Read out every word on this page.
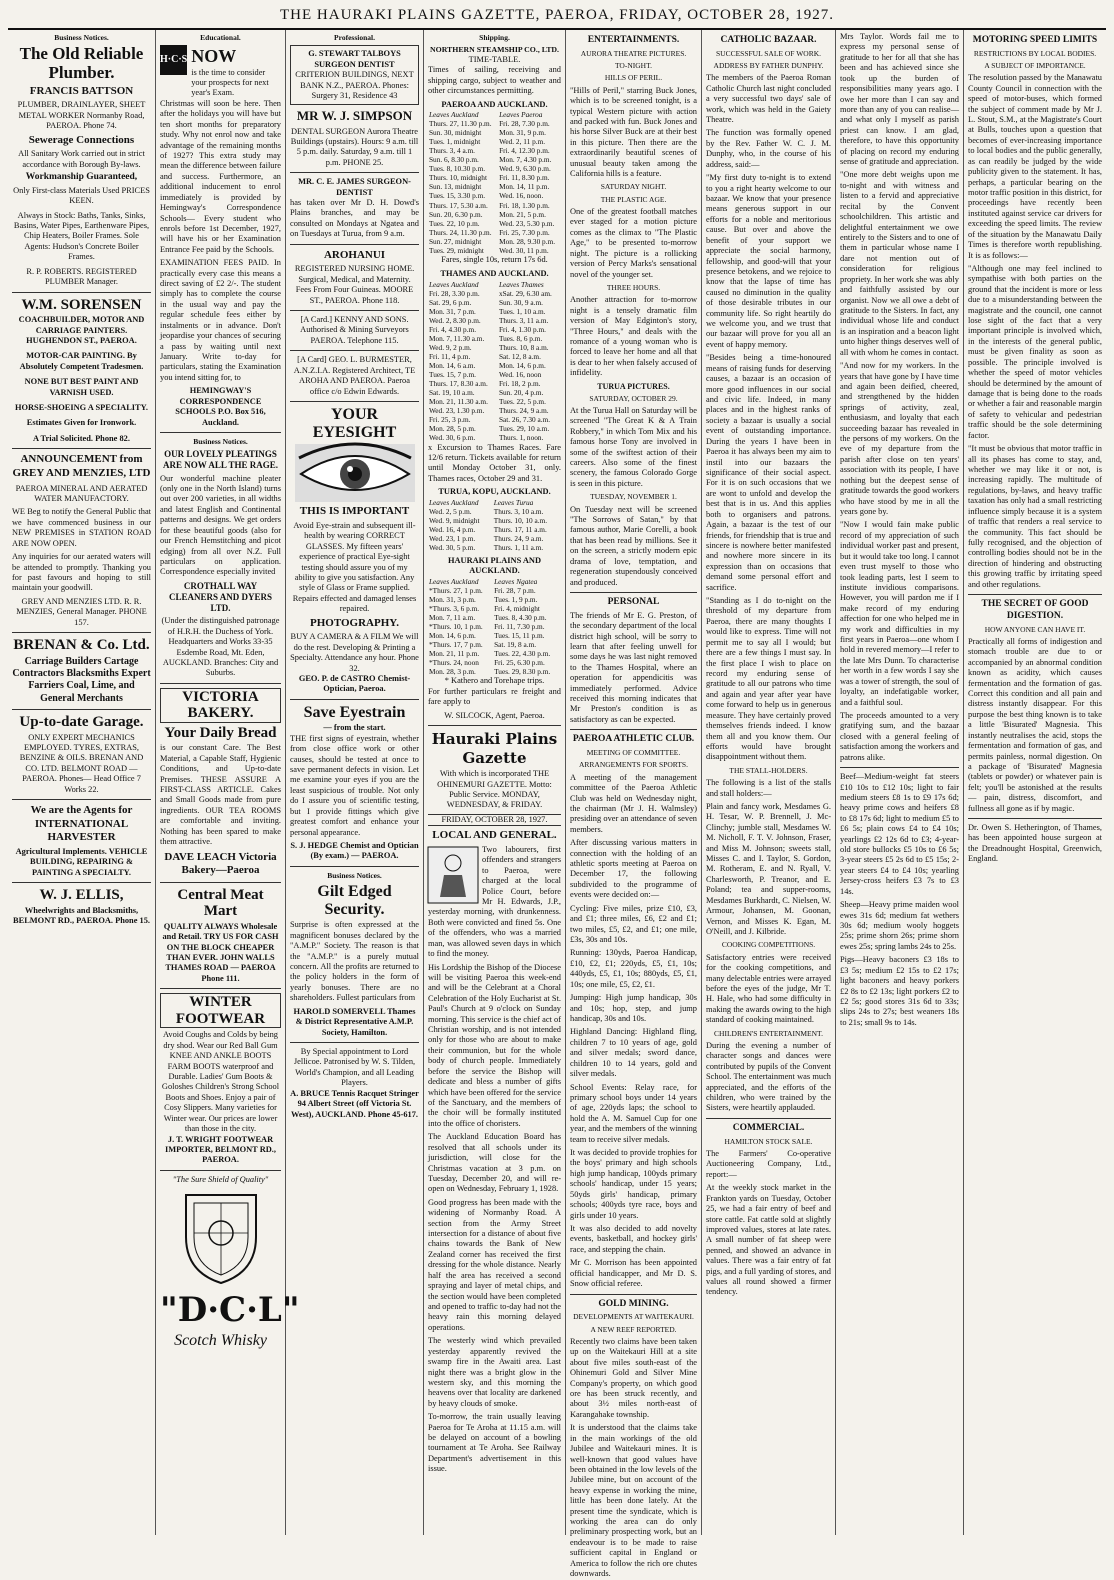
THE HAURAKI PLAINS GAZETTE, PAEROA, FRIDAY, OCTOBER 28, 1927.
Business Notices.
The Old Reliable Plumber.
FRANCIS BATTSON
PLUMBER, DRAINLAYER, SHEET METAL WORKER Normanby Road, PAEROA. Phone 74.
Sewerage Connections
All Sanitary Work carried out in strict accordance with Borough By-laws.
Workmanship Guaranteed,
Only First-class Materials Used PRICES KEEN.
Always in Stock: Baths, Tanks, Sinks, Basins, Water Pipes, Earthenware Pipes, Chip Heaters, Boiler Frames. Sole Agents: Hudson's Concrete Boiler Frames.
R. P. ROBERTS. REGISTERED PLUMBER Manager.
W.M. SORENSEN
COACHBUILDER, MOTOR AND CARRIAGE PAINTERS. HUGHENDON ST., PAEROA.
MOTOR-CAR PAINTING. By Absolutely Competent Tradesmen.
NONE BUT BEST PAINT AND VARNISH USED.
HORSE-SHOEING A SPECIALITY.
Estimates Given for Ironwork.
A Trial Solicited. Phone 82.
ANNOUNCEMENT from GREY AND MENZIES, LTD
PAEROA MINERAL AND AERATED WATER MANUFACTORY.

WE Beg to notify the General Public that we have commenced business in our NEW PREMISES in STATION ROAD ARE NOW OPEN.

Any inquiries for our aerated waters will be attended to promptly. Thanking you for past favours and hoping to still maintain your goodwill.

GREY AND MENZIES LTD. R. R. MENZIES, General Manager. PHONE 157.
BRENAN & Co. Ltd.
Carriage Builders Cartage Contractors Blacksmiths Expert Farriers Coal, Lime, and General Merchants
Up-to-date Garage.
ONLY EXPERT MECHANICS EMPLOYED. TYRES, EXTRAS, BENZINE & OILS. BRENAN AND CO. LTD. BELMONT ROAD — PAEROA. Phones— Head Office 7 Works 22.
We are the Agents for INTERNATIONAL HARVESTER
Agricultural Implements. VEHICLE BUILDING, REPAIRING & PAINTING A SPECIALTY.
W. J. ELLIS,
Wheelwrights and Blacksmiths, BELMONT RD., PAEROA. Phone 15.
Educational.
H·C·S NOW
is the time to consider your prospects for next year's Exam.

Christmas will soon be here. Then after the holidays you will have but ten short months for preparatory study. Why not enrol now and take advantage of the remaining months of 1927? This extra study may mean the difference between failure and success. Furthermore, an additional inducement to enrol immediately is provided by Hemingway's Correspondence Schools— Every student who enrols before 1st December, 1927, will have his or her Examination Entrance Fee paid by the Schools.

EXAMINATION FEES PAID. In practically every case this means a direct saving of £2 2/-. The student simply has to complete the course in the usual way and pay the regular schedule fees either by instalments or in advance. Don't jeopardise your chances of securing a pass by waiting until next January. Write to-day for particulars, stating the Examination you intend sitting for, to

HEMINGWAY'S CORRESPONDENCE SCHOOLS P.O. Box 516, Auckland.
Business Notices.
OUR LOVELY PLEATINGS ARE NOW ALL THE RAGE.

Our wonderful machine pleater (only one in the North Island) turns out over 200 varieties, in all widths and latest English and Continental patterns and designs. We get orders for these beautiful goods (also for our French Hemstitching and picot edging) from all over N.Z. Full particulars on application. Correspondence especially invited

CROTHALL WAY CLEANERS AND DYERS LTD.
(Under the distinguished patronage of H.R.H. the Duchess of York. Headquarters and Works 33-35 Esdembe Road, Mt. Eden, AUCKLAND. Branches: City and Suburbs.
VICTORIA BAKERY.
Your Daily Bread

is our constant Care. The Best Material, a Capable Staff, Hygienic Conditions, and Up-to-date Premises. THESE ASSURE A FIRST-CLASS ARTICLE. Cakes and Small Goods made from pure ingredients. OUR TEA ROOMS are comfortable and inviting. Nothing has been spared to make them attractive.

DAVE LEACH Victoria Bakery—Paeroa
Central Meat Mart
QUALITY ALWAYS Wholesale and Retail. TRY US FOR CASH ON THE BLOCK CHEAPER THAN EVER. JOHN WALLS THAMES ROAD — PAEROA Phone 111.
WINTER FOOTWEAR
Avoid Coughs and Colds by being dry shod. Wear our Red Ball Gum KNEE AND ANKLE BOOTS FARM BOOTS waterproof and Durable. Ladies' Gum Boots & Goloshes Children's Strong School Boots and Shoes. Enjoy a pair of Cosy Slippers. Many varieties for Winter wear. Our prices are lower than those in the city.
J. T. WRIGHT FOOTWEAR IMPORTER, BELMONT RD., PAEROA.
"The Sure Shield of Quality"
"D·C·L"
Scotch Whisky
Professional.
G. STEWART TALBOYS SURGEON DENTIST
CRITERION BUILDINGS, NEXT BANK N.Z., PAEROA. Phones: Surgery 31, Residence 43
MR W. J. SIMPSON
DENTAL SURGEON Aurora Theatre Buildings (upstairs). Hours: 9 a.m. till 5 p.m. daily. Saturday, 9 a.m. till 1 p.m. PHONE 25.
MR. C. E. JAMES SURGEON-DENTIST

has taken over Mr D. H. Dowd's Plains branches, and may be consulted on Mondays at Ngatea and on Tuesdays at Turua, from 9 a.m.

AROHANUI
REGISTERED NURSING HOME. Surgical, Medical, and Maternity. Fees From Four Guineas. MOORE ST., PAEROA. Phone 118.
[A Card.] KENNY AND SONS. Authorised & Mining Surveyors PAEROA. Telephone 115.
[A Card] GEO. L. BURMESTER, A.N.Z.I.A. Registered Architect, TE AROHA AND PAEROA. Paeroa office c/o Edwin Edwards.
YOUR EYESIGHT
THIS IS IMPORTANT
Avoid Eye-strain and subsequent ill-health by wearing CORRECT GLASSES. My fifteen years' experience of practical Eye-sight testing should assure you of my ability to give you satisfaction. Any style of Glass or Frame supplied. Repairs effected and damaged lenses repaired.
PHOTOGRAPHY.
BUY A CAMERA & A FILM We will do the rest. Developing & Printing a Specialty. Attendance any hour. Phone 32.
GEO. P. de CASTRO Chemist-Optician, Paeroa.
Save Eyestrain
— from the start.

THE first signs of eyestrain, whether from close office work or other causes, should be tested at once to save permanent defects in vision. Let me examine your eyes if you are the least suspicious of trouble. Not only do I assure you of scientific testing, but I provide fittings which give greatest comfort and enhance your personal appearance.

S. J. HEDGE Chemist and Optician (By exam.) — PAEROA.
Business Notices.
Gilt Edged Security.

Surprise is often expressed at the magnificent bonuses declared by the "A.M.P." Society. The reason is that the "A.M.P." is a purely mutual concern. All the profits are returned to the policy holders in the form of yearly bonuses. There are no shareholders. Fullest particulars from

HAROLD SOMERVELL Thames & District Representative A.M.P. Society, Hamilton.
By Special appointment to Lord Jellicoe. Patronised by W. S. Tilden, World's Champion, and all Leading Players.
A. BRUCE Tennis Racquet Stringer 94 Albert Street (off Victoria St. West), AUCKLAND. Phone 45-617.
Shipping.
NORTHERN STEAMSHIP CO., LTD.
TIME-TABLE.

Times of sailing, receiving and shipping cargo, subject to weather and other circumstances permitting.

PAEROA AND AUCKLAND.
Leaves Auckland	Leaves Paeroa
Thurs. 27, 11.30 p.m.	Fri. 28, 7.30 p.m.
Sun. 30, midnight	Mon. 31, 9 p.m.
Tues. 1, midnight	Wed. 2, 11 p.m.
Thurs. 3, 4 a.m.	Fri. 4, 12.30 p.m.
Sun. 6, 8.30 p.m.	Mon. 7, 4.30 p.m.
Tues. 8, 10.30 p.m.	Wed. 9, 6.30 p.m.
Thurs. 10, midnight	Fri. 11, 8.30 p.m.
Sun. 13, midnight	Mon. 14, 11 p.m.
Tues. 15, 3.30 p.m.	Wed. 16, noon.
Thurs. 17, 5.30 a.m.	Fri. 18, 1.30 p.m.
Sun. 20, 6.30 p.m.	Mon. 21, 5 p.m.
Tues. 22, 10 p.m.	Wed. 23, 5.30 p.m.
Thurs. 24, 11.30 p.m.	Fri. 25, 7.30 p.m.
Sun. 27, midnight	Mon. 28, 9.30 p.m.
Tues. 29, midnight	Wed. 30, 11 p.m.
Fares, single 10s, return 17s 6d.
THAMES AND AUCKLAND.
Leaves Auckland	Leaves Thames
Fri. 28, 3.30 p.m.	xSat. 29, 6.30 am.
Sat. 29, 6 p.m.	Sun. 30, 9 a.m.
Mon. 31, 7 p.m.	Tues. 1, 10 a.m.
Wed. 2, 8.30 p.m.	Thurs. 3, 11 a.m.
Fri. 4, 4.30 p.m.	Fri. 4, 1.30 p.m.
Mon. 7, 11.30 a.m.	Tues. 8, 6 p.m.
Wed. 9, 2 p.m.	Thurs. 10, 8 a.m.
Fri. 11, 4 p.m.	Sat. 12, 8 a.m.
Mon. 14, 6 a.m.	Mon. 14, 6 p.m.
Tues. 15, 7 p.m.	Wed. 16, noon
Thurs. 17, 8.30 a.m.	Fri. 18, 2 p.m.
Sat. 19, 10 a.m.	Sun. 20, 4 p.m.
Mon. 21, 11.30 a.m.	Tues. 22, 5 p.m.
Wed. 23, 1.30 p.m.	Thurs. 24, 9 a.m.
Fri. 25, 3 p.m.	Sat. 26, 7.30 a.m.
Mon. 28, 5 p.m.	Tues. 29, 10 a.m.
Wed. 30, 6 p.m.	Thurs. 1, noon.

x Excursion to Thames Races. Fare 12/6 return. Tickets available for return until Monday October 31, only. Thames races, October 29 and 31.

TURUA, KOPU, AUCKLAND.
Leaves Auckland	Leaves Turua
Wed. 2, 5 p.m.	Thurs. 3, 10 a.m.
Wed. 9, midnight	Thurs. 10, 10 a.m.
Wed. 16, 4 p.m.	Thurs. 17, 11 a.m.
Wed. 23, 1 p.m.	Thurs. 24, 9 a.m.
Wed. 30, 5 p.m.	Thurs. 1, 11 a.m.
HAURAKI PLAINS AND AUCKLAND.
Leaves Auckland	Leaves Ngatea
*Thurs. 27, 1 p.m.	Fri. 28, 7 p.m.
Mon. 31, 3 p.m.	Tues. 1, 9 p.m.
*Thurs. 3, 6 p.m.	Fri. 4, midnight
Mon. 7, 11 a.m.	Tues. 8, 4.30 p.m.
*Thurs. 10, 1 p.m.	Fri. 11, 7.30 p.m.
Mon. 14, 6 p.m.	Tues. 15, 11 p.m.
*Thurs. 17, 7 p.m.	Sat. 19, 8 a.m.
Mon. 21, 11 p.m.	Tues. 22, 4.30 p.m.
*Thurs. 24, noon	Fri. 25, 6.30 p.m.
Mon. 28, 3 p.m.	Tues. 29, 8.30 p.m.
* Kathero and Torehape trips.

For further particulars re freight and fare apply to

W. SILCOCK, Agent, Paeroa.
Hauraki Plains Gazette
With which is incorporated THE OHINEMURI GAZETTE. Motto: Public Service. MONDAY, WEDNESDAY, & FRIDAY.
FRIDAY, OCTOBER 28, 1927.
LOCAL AND GENERAL.

Two labourers, first offenders and strangers to Paeroa, were charged at the local Police Court, before Mr H. Edwards, J.P., yesterday morning, with drunkenness. Both were convicted and fined 5s. One of the offenders, who was a married man, was allowed seven days in which to find the money.

His Lordship the Bishop of the Diocese will be visiting Paeroa this week-end and will be the Celebrant at a Choral Celebration of the Holy Eucharist at St. Paul's Church at 9 o'clock on Sunday morning. This service is the chief act of Christian worship, and is not intended only for those who are about to make their communion, but for the whole body of church people. Immediately before the service the Bishop will dedicate and bless a number of gifts which have been offered for the service of the Sanctuary, and the members of the choir will be formally instituted into the office of choristers.

The Auckland Education Board has resolved that all schools under its jurisdiction, will close for the Christmas vacation at 3 p.m. on Tuesday, December 20, and will re-open on Wednesday, February 1, 1928.

Good progress has been made with the widening of Normanby Road. A section from the Army Street intersection for a distance of about five chains towards the Bank of New Zealand corner has received the first dressing for the whole distance. Nearly half the area has received a second spraying and layer of metal chips, and the section would have been completed and opened to traffic to-day had not the heavy rain this morning delayed operations.

The westerly wind which prevailed yesterday apparently revived the swamp fire in the Awaiti area. Last night there was a bright glow in the western sky, and this morning the heavens over that locality are darkened by heavy clouds of smoke.

To-morrow, the train usually leaving Paeroa for Te Aroha at 11.15 a.m. will be delayed on account of a bowling tournament at Te Aroha. See Railway Department's advertisement in this issue.

ENTERTAINMENTS.
AURORA THEATRE PICTURES.
TO-NIGHT.
HILLS OF PERIL.

"Hills of Peril," starring Buck Jones, which is to be screened tonight, is a typical Western picture with action and packed with fun. Buck Jones and his horse Silver Buck are at their best in this picture. Then there are the extraordinarily beautiful scenes of unusual beauty taken among the California hills is a feature.

SATURDAY NIGHT.
THE PLASTIC AGE.

One of the greatest football matches ever staged for a motion picture comes as the climax to "The Plastic Age," to be presented to-morrow night. The picture is a rollicking version of Percy Marks's sensational novel of the younger set.

THREE HOURS.

Another attraction for to-morrow night is a tensely dramatic film version of May Edginton's story, "Three Hours," and deals with the romance of a young woman who is forced to leave her home and all that is dear to her when falsely accused of infidelity.

TURUA PICTURES.
SATURDAY, OCTOBER 29.

At the Turua Hall on Saturday will be screened "The Great K & A Train Robbery," in which Tom Mix and his famous horse Tony are involved in some of the swiftest action of their careers. Also some of the finest scenery, the famous Colorado Gorge is seen in this picture.

TUESDAY, NOVEMBER 1.

On Tuesday next will be screened "The Sorrows of Satan," by that famous author, Marie Corelli, a book that has been read by millions. See it on the screen, a strictly modern epic drama of love, temptation, and regeneration stupendously conceived and produced.

PERSONAL

The friends of Mr E. G. Preston, of the secondary department of the local district high school, will be sorry to learn that after feeling unwell for some days he was last night removed to the Thames Hospital, where an operation for appendicitis was immediately performed. Advice received this morning indicates that Mr Preston's condition is as satisfactory as can be expected.

PAEROA ATHLETIC CLUB.
MEETING OF COMMITTEE.
ARRANGEMENTS FOR SPORTS.

A meeting of the management committee of the Paeroa Athletic Club was held on Wednesday night, the chairman (Mr J. H. Walmsley) presiding over an attendance of seven members.

After discussing various matters in connection with the holding of an athletic sports meeting at Paeroa on December 17, the following subdivided to the programme of events were decided on:—

Cycling: Five miles, prize £10, £3, and £1; three miles, £6, £2 and £1; two miles, £5, £2, and £1; one mile, £3s, 30s and 10s.

Running: 130yds, Paeroa Handicap, £10, £2, £1; 220yds, £5, £1, 10s; 440yds, £5, £1, 10s; 880yds, £5, £1, 10s; one mile, £5, £2, £1.

Jumping: High jump handicap, 30s and 10s; hop, step, and jump handicap, 30s and 10s.

Highland Dancing: Highland fling, children 7 to 10 years of age, gold and silver medals; sword dance, children 10 to 14 years, gold and silver medals.

School Events: Relay race, for primary school boys under 14 years of age, 220yds laps; the school to hold the A. M. Samuel Cup for one year, and the members of the winning team to receive silver medals.

It was decided to provide trophies for the boys' primary and high schools high jump handicap, 100yds primary schools' handicap, under 15 years; 50yds girls' handicap, primary schools; 400yds tyre race, boys and girls under 10 years.

It was also decided to add novelty events, basketball, and hockey girls' race, and stepping the chain.

Mr C. Morrison has been appointed official handicapper, and Mr D. S. Snow official referee.

GOLD MINING.
DEVELOPMENTS AT WAITEKAURI.
A NEW REEF REPORTED.

Recently two claims have been taken up on the Waitekauri Hill at a site about five miles south-east of the Ohinemuri Gold and Silver Mine Company's property, on which good ore has been struck recently, and about 3½ miles north-east of Karangahake township.

It is understood that the claims take in the main workings of the old Jubilee and Waitekauri mines. It is well-known that good values have been obtained in the low levels of the Jubilee mine, but on account of the heavy expense in working the mine, little has been done lately. At the present time the syndicate, which is working the area can do only preliminary prospecting work, but an endeavour is to be made to raise sufficient capital in England or America to follow the rich ore chutes downwards.

CATHOLIC BAZAAR.
SUCCESSFUL SALE OF WORK.
ADDRESS BY FATHER DUNPHY.

The members of the Paeroa Roman Catholic Church last night concluded a very successful two days' sale of work, which was held in the Gaiety Theatre.

The function was formally opened by the Rev. Father W. C. J. M. Dunphy, who, in the course of his address, said:—

"My first duty to-night is to extend to you a right hearty welcome to our bazaar. We know that your presence means generous support in our efforts for a noble and meritorious cause. But over and above the benefit of your support we appreciate the social harmony, fellowship, and good-will that your presence betokens, and we rejoice to know that the lapse of time has caused no diminution in the quality of those desirable tributes in our community life. So right heartily do we welcome you, and we trust that our bazaar will prove for you all an event of happy memory.

"Besides being a time-honoured means of raising funds for deserving causes, a bazaar is an occasion of more good influences in our social and civic life. Indeed, in many places and in the highest ranks of society a bazaar is usually a social event of outstanding importance. During the years I have been in Paeroa it has always been my aim to instil into our bazaars the significance of their social aspect. For it is on such occasions that we are wont to unfold and develop the best that is in us. And this applies both to organisers and patrons. Again, a bazaar is the test of our friends, for friendship that is true and sincere is nowhere better manifested and nowhere more sincere in its expression than on occasions that demand some personal effort and sacrifice.

"Standing as I do to-night on the threshold of my departure from Paeroa, there are many thoughts I would like to express. Time will not permit me to say all I would; but there are a few things I must say. In the first place I wish to place on record my enduring sense of gratitude to all our patrons who time and again and year after year have come forward to help us in generous measure. They have certainly proved themselves friends indeed. I know them all and you know them. Our efforts would have brought disappointment without them.

THE STALL-HOLDERS.

The following is a list of the stalls and stall holders:—

Plain and fancy work, Mesdames G. H. Tesar, W. P. Brennell, J. Mc-Clinchy; jumble stall, Mesdames W. M. Nicholl, F. T. V. Johnson, Fraser, and Miss M. Johnson; sweets stall, Misses C. and I. Taylor, S. Gordon, M. Rotheram, E. and N. Ryall, V. Charlesworth, P. Treanor, and E. Poland; tea and supper-rooms, Mesdames Burkhardt, C. Nielsen, W. Armour, Johansen, M. Goonan, Vernon, and Misses K. Egan, M. O'Neill, and J. Kilbride.

COOKING COMPETITIONS.

Satisfactory entries were received for the cooking competitions, and many delectable entries were arrayed before the eyes of the judge, Mr T. H. Hale, who had some difficulty in making the awards owing to the high standard of cooking maintained.

CHILDREN'S ENTERTAINMENT.

During the evening a number of character songs and dances were contributed by pupils of the Convent School. The entertainment was much appreciated, and the efforts of the children, who were trained by the Sisters, were heartily applauded.

COMMERCIAL.
HAMILTON STOCK SALE.

The Farmers' Co-operative Auctioneering Company, Ltd., report:—

At the weekly stock market in the Frankton yards on Tuesday, October 25, we had a fair entry of beef and store cattle. Fat cattle sold at slightly improved values, stores at late rates. A small number of fat sheep were penned, and showed an advance in values. There was a fair entry of fat pigs, and a full yarding of stores, and values all round showed a firmer tendency.

Mrs Taylor. Words fail me to express my personal sense of gratitude to her for all that she has been and has achieved since she took up the burden of responsibilities many years ago. I owe her more than I can say and more than any of you can realise—and what only I myself as parish priest can know. I am glad, therefore, to have this opportunity of placing on record my enduring sense of gratitude and appreciation.

"One more debt weighs upon me to-night and with witness and listen to a fervid and appreciative recital by the Convent schoolchildren. This artistic and delightful entertainment we owe entirely to the Sisters and to one of them in particular whose name I dare not mention out of consideration for religious propriety. In her work she was ably and faithfully assisted by our organist. Now we all owe a debt of gratitude to the Sisters. In fact, any individual whose life and conduct is an inspiration and a beacon light unto higher things deserves well of all with whom he comes in contact.

"And now for my workers. In the years that have gone by I have time and again been deified, cheered, and strengthened by the hidden springs of activity, zeal, enthusiasm, and loyalty that each succeeding bazaar has revealed in the persons of my workers. On the eve of my departure from the parish after close on ten years' association with its people, I have nothing but the deepest sense of gratitude towards the good workers who have stood by me in all the years gone by.

"Now I would fain make public record of my appreciation of such individual worker past and present, but it would take too long. I cannot even trust myself to those who took leading parts, lest I seem to institute invidious comparisons. However, you will pardon me if I make record of my enduring affection for one who helped me in my work and difficulties in my first years in Paeroa—one whom I hold in revered memory—I refer to the late Mrs Dunn. To characterise her worth in a few words I say she was a tower of strength, the soul of loyalty, an indefatigable worker, and a faithful soul.

The proceeds amounted to a very gratifying sum, and the bazaar closed with a general feeling of satisfaction among the workers and patrons alike.

Beef—Medium-weight fat steers £10 10s to £12 10s; light to fair medium steers £8 1s to £9 17s 6d; heavy prime cows and heifers £8 to £8 17s 6d; light to medium £5 to £6 5s; plain cows £4 to £4 10s; yearlings £2 12s 6d to £3; 4-year-old store bullocks £5 10s to £6 5s; 3-year steers £5 2s 6d to £5 15s; 2-year steers £4 to £4 10s; yearling Jersey-cross heifers £3 7s to £3 14s.

Sheep—Heavy prime maiden wool ewes 31s 6d; medium fat wethers 30s 6d; medium wooly hoggets 25s; prime shorn 26s; prime shorn ewes 25s; spring lambs 24s to 25s.

Pigs—Heavy baconers £3 18s to £3 5s; medium £2 15s to £2 17s; light baconers and heavy porkers £2 8s to £2 13s; light porkers £2 to £2 5s; good stores 31s 6d to 33s; slips 24s to 27s; best weaners 18s to 21s; small 9s to 14s.

MOTORING SPEED LIMITS
RESTRICTIONS BY LOCAL BODIES.
A SUBJECT OF IMPORTANCE.

The resolution passed by the Manawatu County Council in connection with the speed of motor-buses, which formed the subject of comment made by Mr J. L. Stout, S.M., at the Magistrate's Court at Bulls, touches upon a question that becomes of ever-increasing importance to local bodies and the public generally, as can readily be judged by the wide publicity given to the statement. It has, perhaps, a particular bearing on the motor traffic position in this district, for proceedings have recently been instituted against service car drivers for exceeding the speed limits. The review of the situation by the Manawatu Daily Times is therefore worth republishing. It is as follows:—

"Although one may feel inclined to sympathise with both parties on the ground that the incident is more or less due to a misunderstanding between the magistrate and the council, one cannot lose sight of the fact that a very important principle is involved which, in the interests of the general public, must be given finality as soon as possible. The principle involved is whether the speed of motor vehicles should be determined by the amount of damage that is being done to the roads or whether a fair and reasonable margin of safety to vehicular and pedestrian traffic should be the sole determining factor.

"It must be obvious that motor traffic in all its phases has come to stay, and, whether we may like it or not, is increasing rapidly. The multitude of regulations, by-laws, and heavy traffic taxation has only had a small restricting influence simply because it is a system of traffic that renders a real service to the community. This fact should be fully recognised, and the objection of controlling bodies should not be in the direction of hindering and obstructing this growing traffic by irritating speed and other regulations.

THE SECRET OF GOOD DIGESTION.
HOW ANYONE CAN HAVE IT.

Practically all forms of indigestion and stomach trouble are due to or accompanied by an abnormal condition known as acidity, which causes fermentation and the formation of gas. Correct this condition and all pain and distress instantly disappear. For this purpose the best thing known is to take a little 'Bisurated' Magnesia. This instantly neutralises the acid, stops the fermentation and formation of gas, and permits painless, normal digestion. On a package of 'Bisurated' Magnesia (tablets or powder) or whatever pain is felt; you'll be astonished at the results— pain, distress, discomfort, and fullness all gone as if by magic.

Dr. Owen S. Hetherington, of Thames, has been appointed house surgeon at the Dreadnought Hospital, Greenwich, England.
